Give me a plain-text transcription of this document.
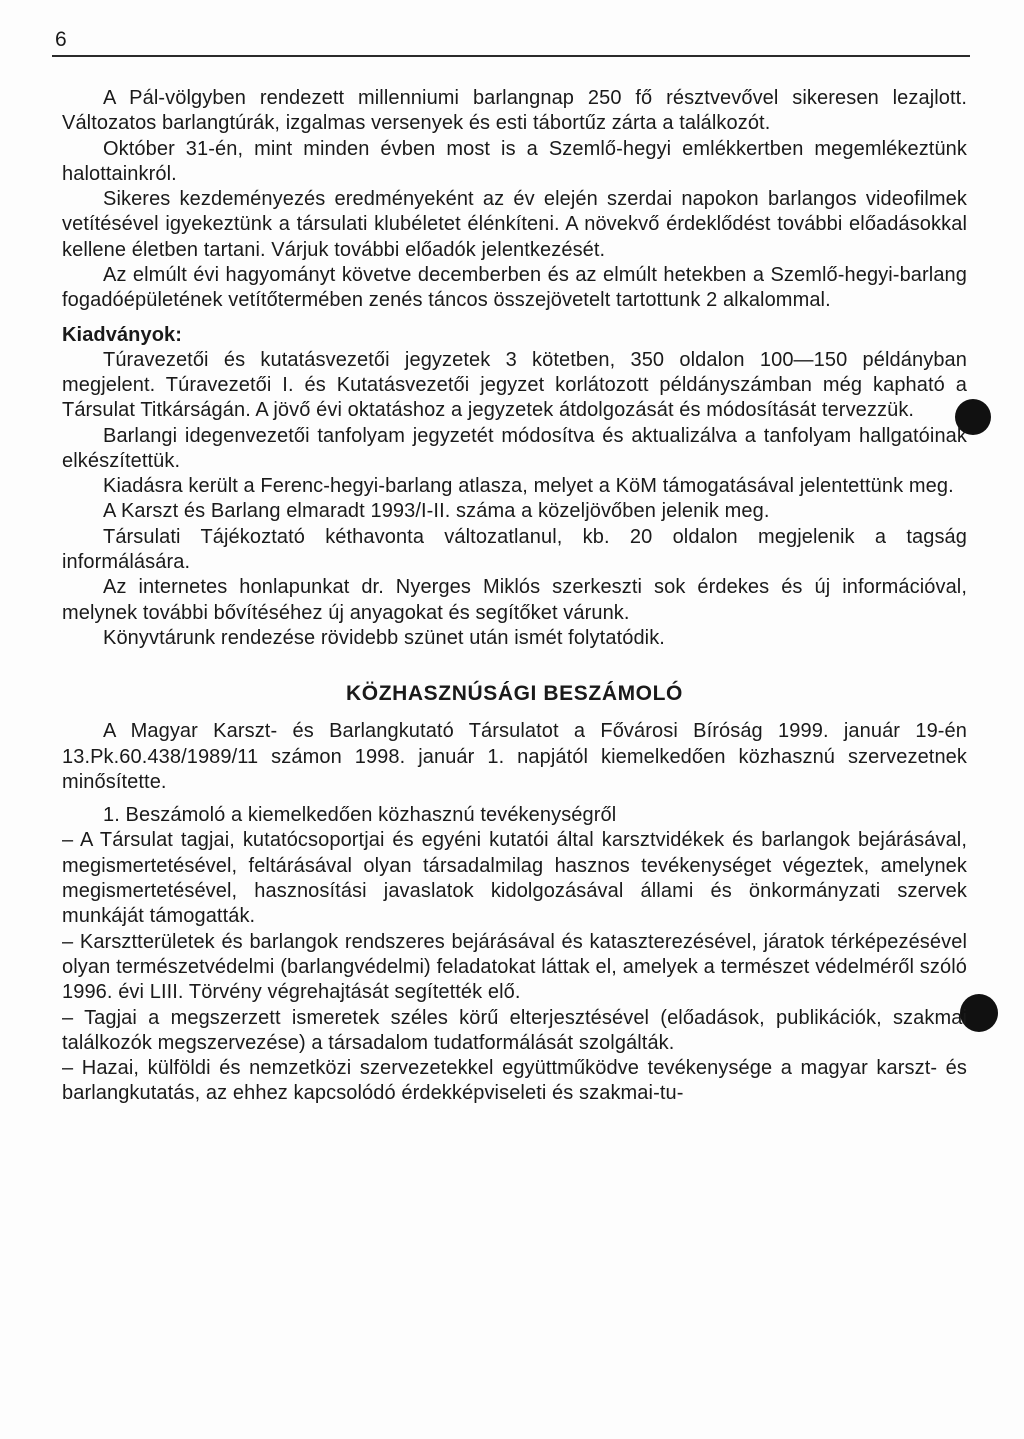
6

A Pál-völgyben rendezett millenniumi barlangnap 250 fő résztvevővel sikeresen lezajlott. Változatos barlangtúrák, izgalmas versenyek és esti tábortűz zárta a találkozót.

Október 31-én, mint minden évben most is a Szemlő-hegyi emlékkertben megemlékeztünk halottainkról.

Sikeres kezdeményezés eredményeként az év elején szerdai napokon barlangos videofilmek vetítésével igyekeztünk a társulati klubéletet élénkíteni. A növekvő érdeklődést további előadásokkal kellene életben tartani. Várjuk további előadók jelentkezését.

Az elmúlt évi hagyományt követve decemberben és az elmúlt hetekben a Szemlő-hegyi-barlang fogadóépületének vetítőtermében zenés táncos összejövetelt tartottunk 2 alkalommal.

Kiadványok:

Túravezetői és kutatásvezetői jegyzetek 3 kötetben, 350 oldalon 100—150 példányban megjelent. Túravezetői I. és Kutatásvezetői jegyzet korlátozott példányszámban még kapható a Társulat Titkárságán. A jövő évi oktatáshoz a jegyzetek átdolgozását és módosítását tervezzük.

Barlangi idegenvezetői tanfolyam jegyzetét módosítva és aktualizálva a tanfolyam hallgatóinak elkészítettük.

Kiadásra került a Ferenc-hegyi-barlang atlasza, melyet a KöM támogatásával jelentettünk meg.

A Karszt és Barlang elmaradt 1993/I-II. száma a közeljövőben jelenik meg.

Társulati Tájékoztató kéthavonta változatlanul, kb. 20 oldalon megjelenik a tagság informálására.

Az internetes honlapunkat dr. Nyerges Miklós szerkeszti sok érdekes és új információval, melynek további bővítéséhez új anyagokat és segítőket várunk.

Könyvtárunk rendezése rövidebb szünet után ismét folytatódik.

KÖZHASZNÚSÁGI BESZÁMOLÓ

A Magyar Karszt- és Barlangkutató Társulatot a Fővárosi Bíróság 1999. január 19-én 13.Pk.60.438/1989/11 számon 1998. január 1. napjától kiemelkedően közhasznú szervezetnek minősítette.

1. Beszámoló a kiemelkedően közhasznú tevékenységről

– A Társulat tagjai, kutatócsoportjai és egyéni kutatói által karsztvidékek és barlangok bejárásával, megismertetésével, feltárásával olyan társadalmilag hasznos tevékenységet végeztek, amelynek megismertetésével, hasznosítási javaslatok kidolgozásával állami és önkormányzati szervek munkáját támogatták.

– Karsztterületek és barlangok rendszeres bejárásával és kataszterezésével, járatok térképezésével olyan természetvédelmi (barlangvédelmi) feladatokat láttak el, amelyek a természet védelméről szóló 1996. évi LIII. Törvény végrehajtását segítették elő.

– Tagjai a megszerzett ismeretek széles körű elterjesztésével (előadások, publikációk, szakmai találkozók megszervezése) a társadalom tudatformálását szolgálták.

– Hazai, külföldi és nemzetközi szervezetekkel együttműködve tevékenysége a magyar karszt- és barlangkutatás, az ehhez kapcsolódó érdekképviseleti és szakmai-tu-
